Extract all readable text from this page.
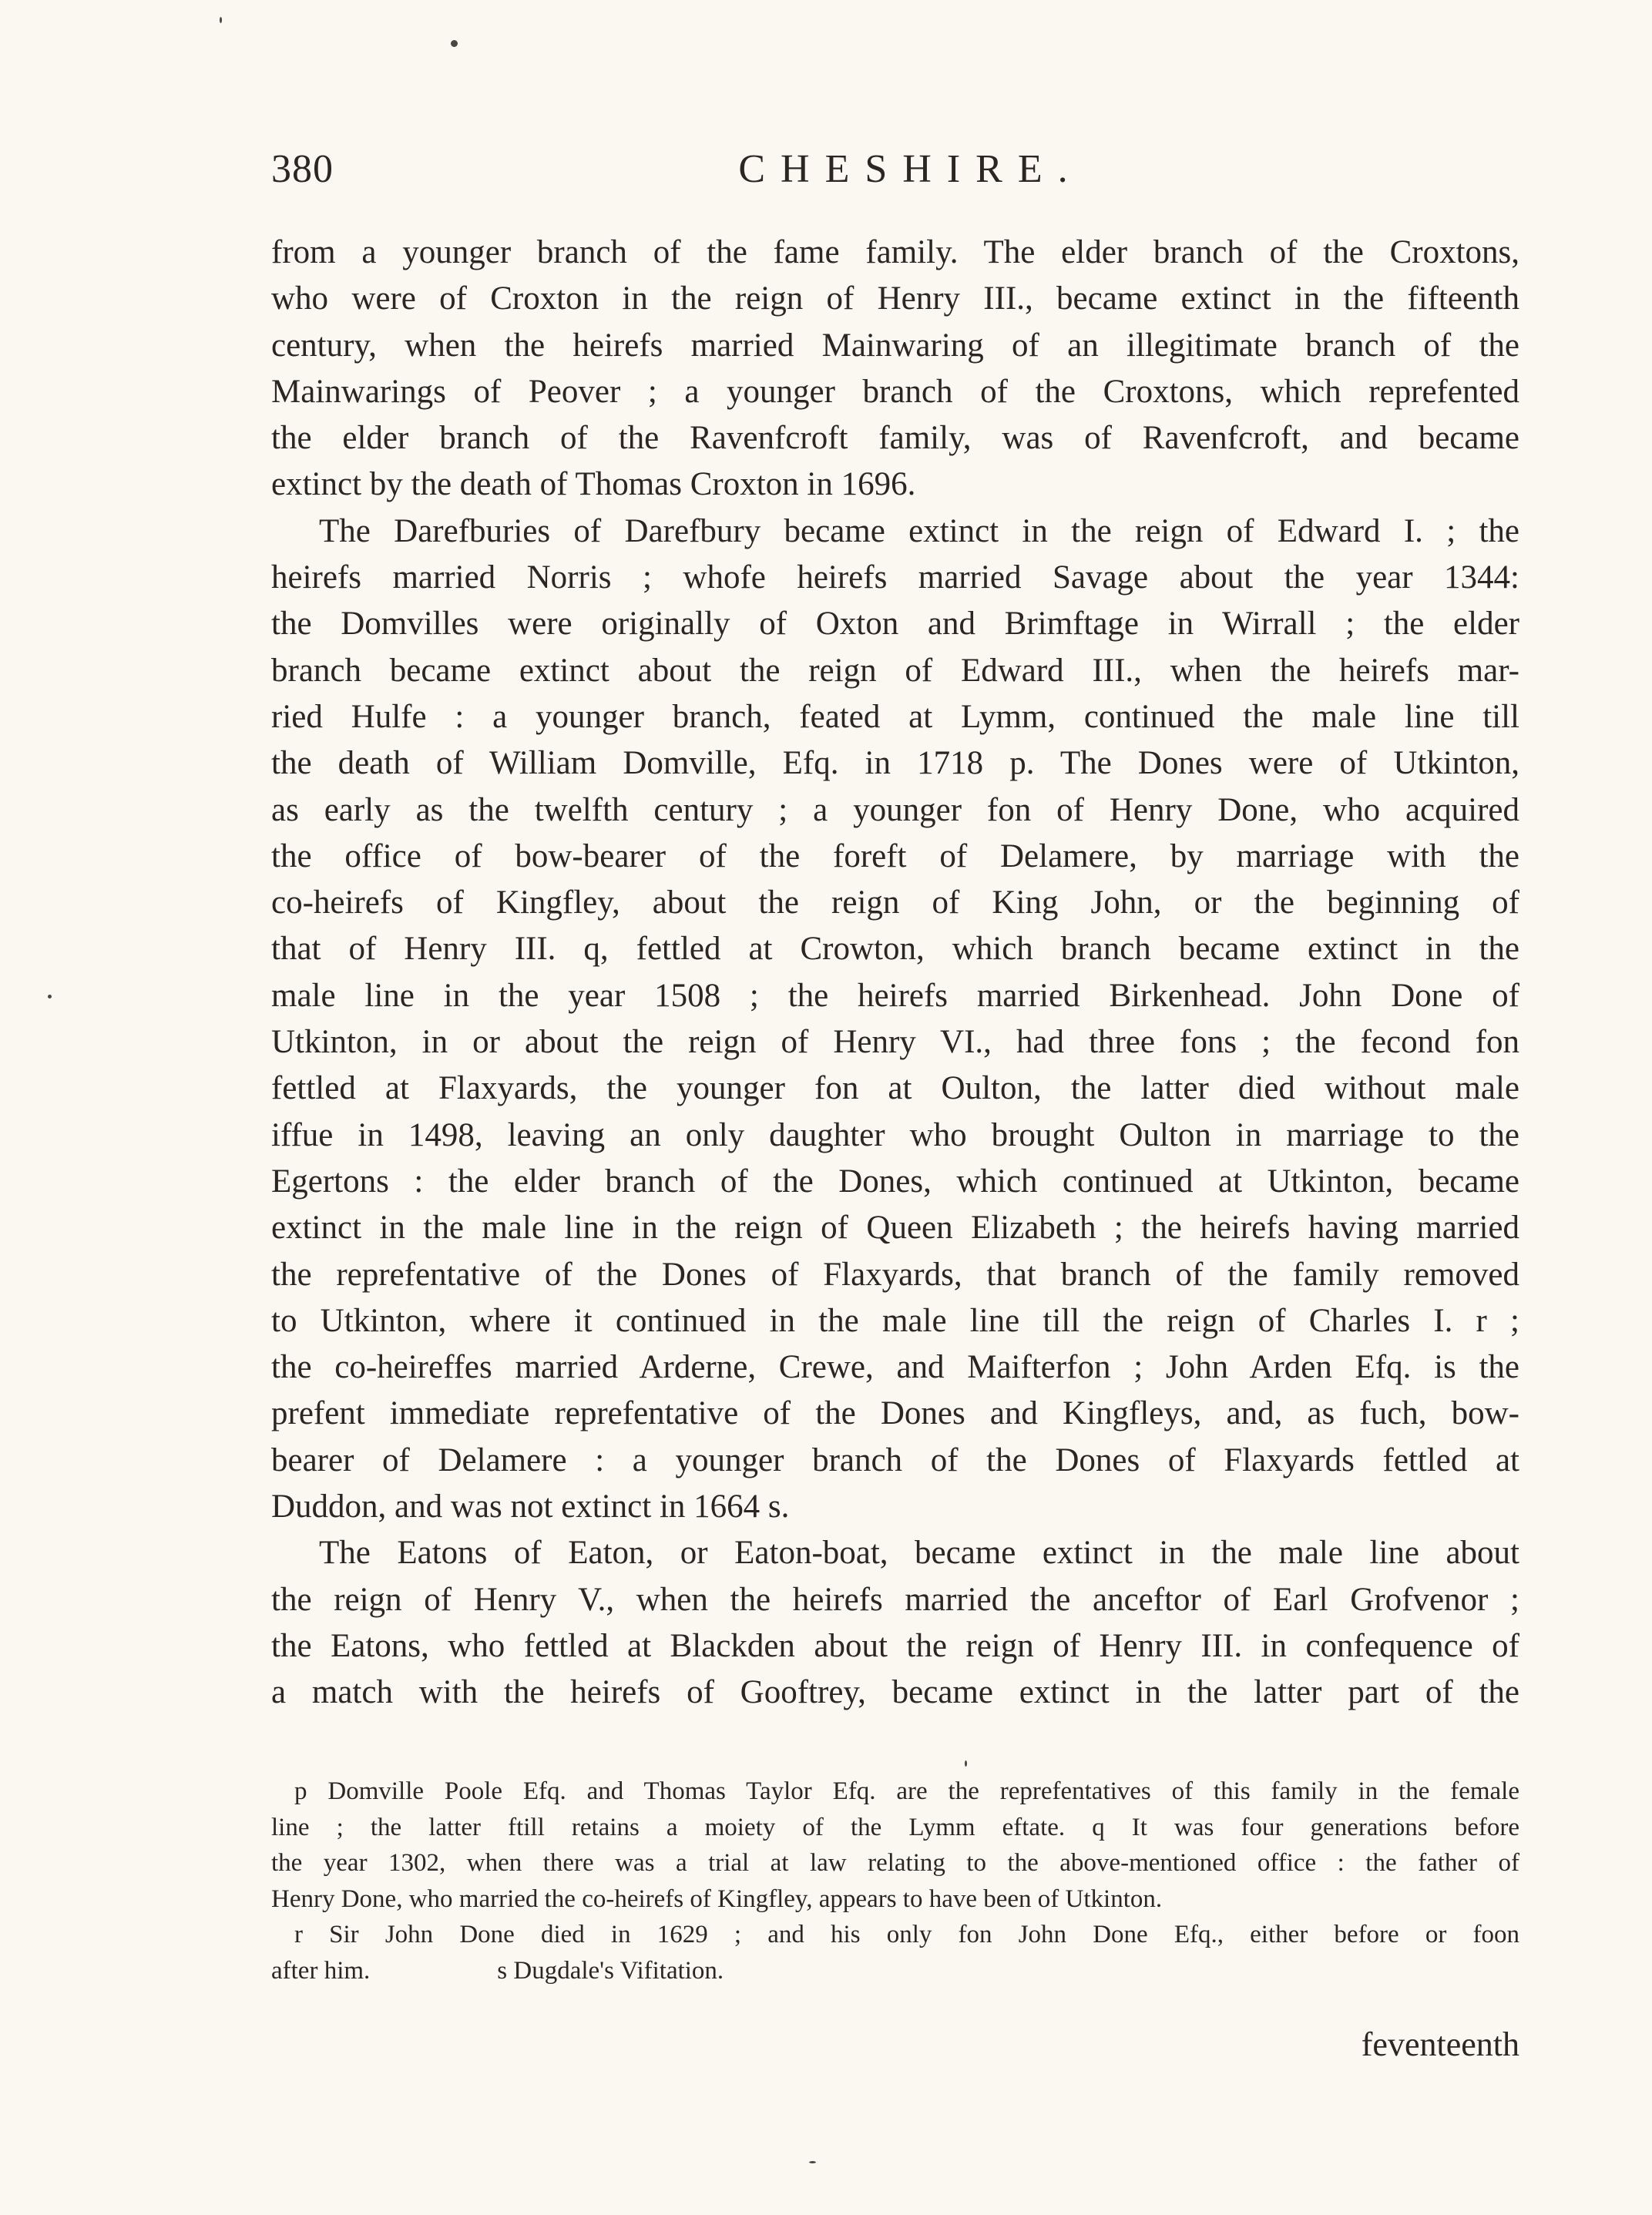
380	CHESHIRE.
from a younger branch of the fame family. The elder branch of the Croxtons,
who were of Croxton in the reign of Henry III., became extinct in the fifteenth
century, when the heirefs married Mainwaring of an illegitimate branch of the
Mainwarings of Peover ; a younger branch of the Croxtons, which reprefented
the elder branch of the Ravenfcroft family, was of Ravenfcroft, and became
extinct by the death of Thomas Croxton in 1696.
The Darefburies of Darefbury became extinct in the reign of Edward I. ; the
heirefs married Norris ; whofe heirefs married Savage about the year 1344:
the Domvilles were originally of Oxton and Brimftage in Wirrall ; the elder
branch became extinct about the reign of Edward III., when the heirefs mar-
ried Hulfe : a younger branch, feated at Lymm, continued the male line till
the death of William Domville, Efq. in 1718 p. The Dones were of Utkinton,
as early as the twelfth century ; a younger fon of Henry Done, who acquired
the office of bow-bearer of the foreft of Delamere, by marriage with the
co-heirefs of Kingfley, about the reign of King John, or the beginning of
that of Henry III. q, fettled at Crowton, which branch became extinct in the
male line in the year 1508 ; the heirefs married Birkenhead. John Done of
Utkinton, in or about the reign of Henry VI., had three fons ; the fecond fon
fettled at Flaxyards, the younger fon at Oulton, the latter died without male
iffue in 1498, leaving an only daughter who brought Oulton in marriage to the
Egertons : the elder branch of the Dones, which continued at Utkinton, became
extinct in the male line in the reign of Queen Elizabeth ; the heirefs having married
the reprefentative of the Dones of Flaxyards, that branch of the family removed
to Utkinton, where it continued in the male line till the reign of Charles I. r ;
the co-heireffes married Arderne, Crewe, and Maifterfon ; John Arden Efq. is the
prefent immediate reprefentative of the Dones and Kingfleys, and, as fuch, bow-
bearer of Delamere : a younger branch of the Dones of Flaxyards fettled at
Duddon, and was not extinct in 1664 s.
The Eatons of Eaton, or Eaton-boat, became extinct in the male line about
the reign of Henry V., when the heirefs married the anceftor of Earl Grofvenor ;
the Eatons, who fettled at Blackden about the reign of Henry III. in confequence of
a match with the heirefs of Gooftrey, became extinct in the latter part of the
p Domville Poole Efq. and Thomas Taylor Efq. are the reprefentatives of this family in the female
line ; the latter ftill retains a moiety of the Lymm eftate. q It was four generations before
the year 1302, when there was a trial at law relating to the above-mentioned office : the father of
Henry Done, who married the co-heirefs of Kingfley, appears to have been of Utkinton.
r Sir John Done died in 1629 ; and his only fon John Done Efq., either before or foon
after him.                    s Dugdale's Vifitation.
feventeenth
